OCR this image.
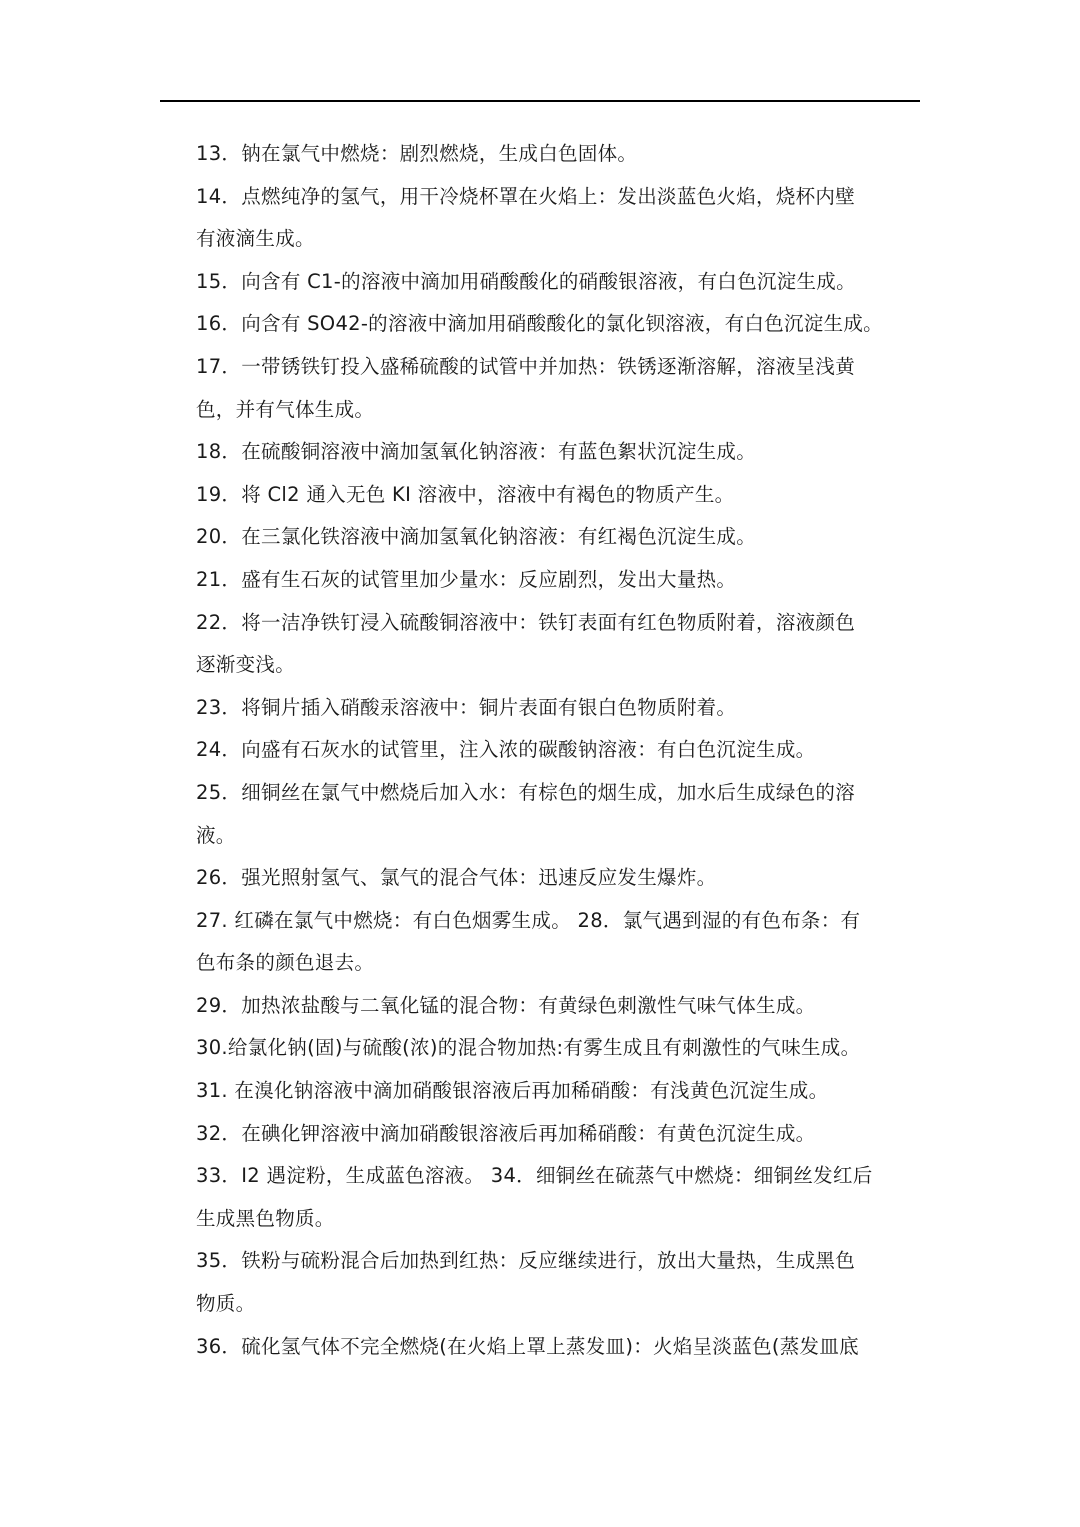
13．钠在氯气中燃烧：剧烈燃烧，生成白色固体。
14．点燃纯净的氢气，用干冷烧杯罩在火焰上：发出淡蓝色火焰，烧杯内壁
有液滴生成。
15．向含有 C1-的溶液中滴加用硝酸酸化的硝酸银溶液，有白色沉淀生成。
16．向含有 SO42-的溶液中滴加用硝酸酸化的氯化钡溶液，有白色沉淀生成。
17．一带锈铁钉投入盛稀硫酸的试管中并加热：铁锈逐渐溶解，溶液呈浅黄
色，并有气体生成。
18．在硫酸铜溶液中滴加氢氧化钠溶液：有蓝色絮状沉淀生成。
19．将 Cl2 通入无色 KI 溶液中，溶液中有褐色的物质产生。
20．在三氯化铁溶液中滴加氢氧化钠溶液：有红褐色沉淀生成。
21．盛有生石灰的试管里加少量水：反应剧烈，发出大量热。
22．将一洁净铁钉浸入硫酸铜溶液中：铁钉表面有红色物质附着，溶液颜色
逐渐变浅。
23．将铜片插入硝酸汞溶液中：铜片表面有银白色物质附着。
24．向盛有石灰水的试管里，注入浓的碳酸钠溶液：有白色沉淀生成。
25．细铜丝在氯气中燃烧后加入水：有棕色的烟生成，加水后生成绿色的溶
液。
26．强光照射氢气、氯气的混合气体：迅速反应发生爆炸。
27. 红磷在氯气中燃烧：有白色烟雾生成。 28．氯气遇到湿的有色布条：有
色布条的颜色退去。
29．加热浓盐酸与二氧化锰的混合物：有黄绿色刺激性气味气体生成。
30.给氯化钠(固)与硫酸(浓)的混合物加热:有雾生成且有刺激性的气味生成。
31. 在溴化钠溶液中滴加硝酸银溶液后再加稀硝酸：有浅黄色沉淀生成。
32．在碘化钾溶液中滴加硝酸银溶液后再加稀硝酸：有黄色沉淀生成。
33．I2 遇淀粉，生成蓝色溶液。 34．细铜丝在硫蒸气中燃烧：细铜丝发红后
生成黑色物质。
35．铁粉与硫粉混合后加热到红热：反应继续进行，放出大量热，生成黑色
物质。
36．硫化氢气体不完全燃烧(在火焰上罩上蒸发皿)：火焰呈淡蓝色(蒸发皿底
